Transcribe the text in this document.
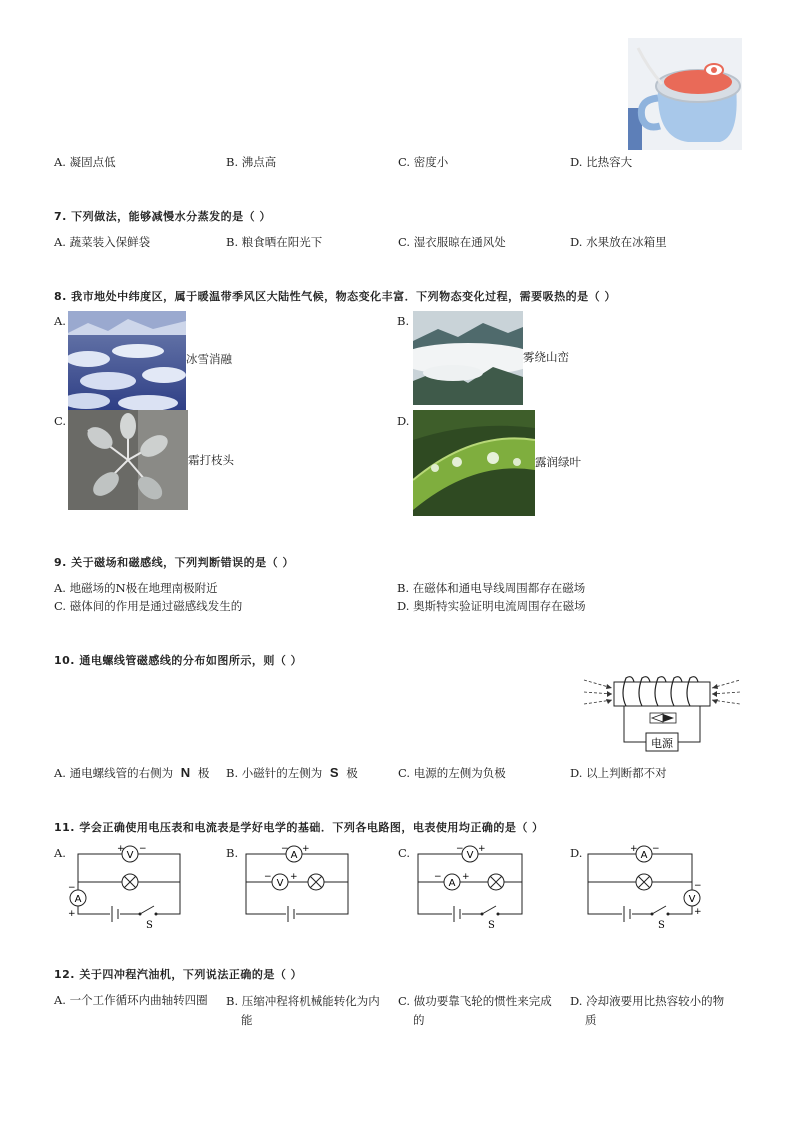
A. 凝固点低	B. 沸点高	C. 密度小	D. 比热容大
7. 下列做法，能够减慢水分蒸发的是（ ）
A. 蔬菜装入保鲜袋	B. 粮食晒在阳光下	C. 湿衣服晾在通风处	D. 水果放在冰箱里
8. 我市地处中纬度区，属于暖温带季风区大陆性气候，物态变化丰富．下列物态变化过程，需要吸热的是（ ）
A.
冰雪消融
B.
雾绕山峦
C.
霜打枝头
D.
露润绿叶
9. 关于磁场和磁感线，下列判断错误的是（ ）
A. 地磁场的N极在地理南极附近	B. 在磁体和通电导线周围都存在磁场
C. 磁体间的作用是通过磁感线发生的	D. 奥斯特实验证明电流周围存在磁场
10. 通电螺线管磁感线的分布如图所示，则（ ）
电源
A. 通电螺线管的右侧为 N 极 B. 小磁针的左侧为 S 极	C. 电源的左侧为负极	D. 以上判断都不对
11. 学会正确使用电压表和电流表是学好电学的基础．下列各电路图，电表使用均正确的是（ ）
A.	B.	C.	D.
V
+ −
A
−
+
S
A
− +
V
− +
V
− +
A
− +
S
A
+ −
V
−
+
S
12. 关于四冲程汽油机，下列说法正确的是（ ）
A. 一个工作循环内曲轴转四圈 B. 压缩冲程将机械能转化为内
能
C. 做功要靠飞轮的惯性来完成
的
D. 冷却液要用比热容较小的物
质
